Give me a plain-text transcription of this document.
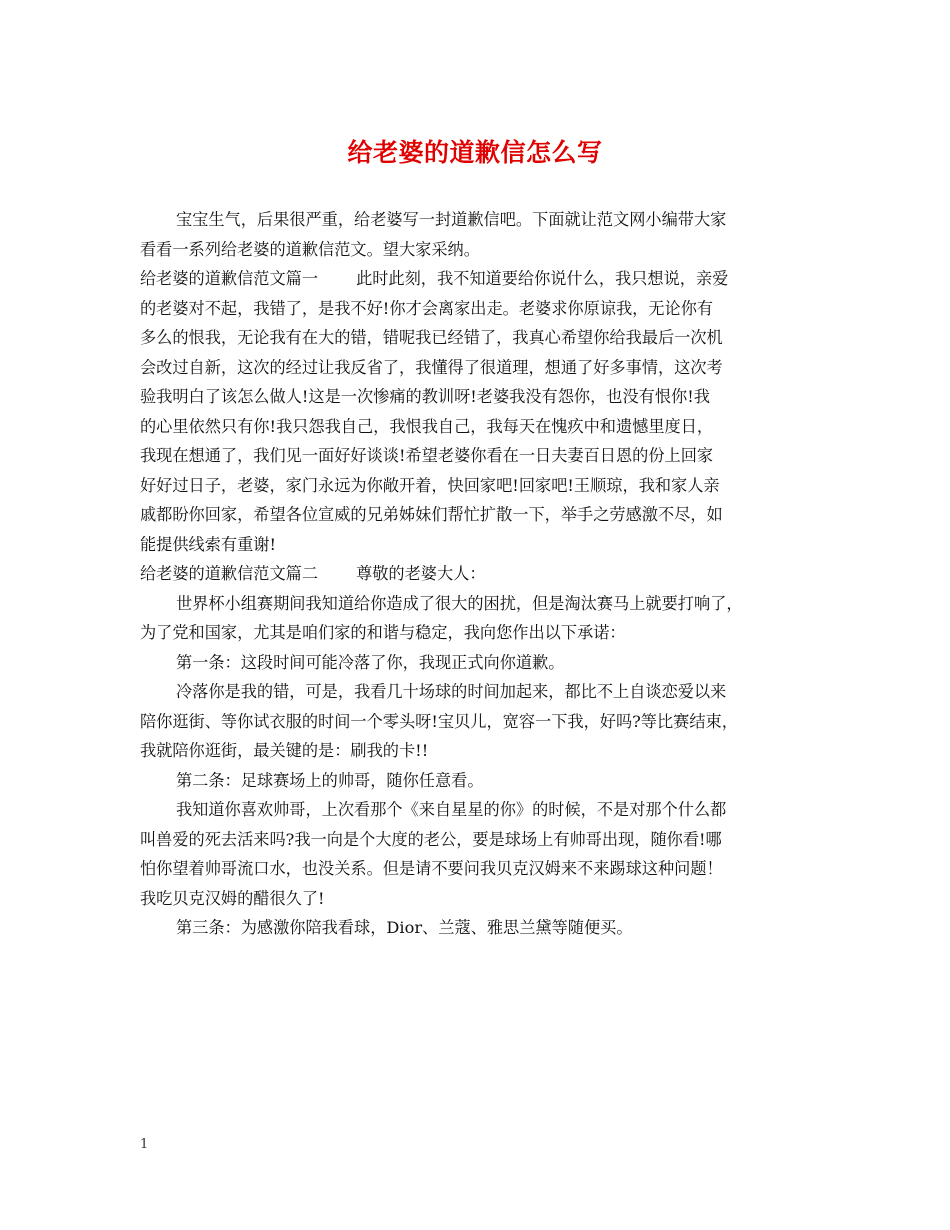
给老婆的道歉信怎么写
宝宝生气，后果很严重，给老婆写一封道歉信吧。下面就让范文网小编带大家
看看一系列给老婆的道歉信范文。望大家采纳。
给老婆的道歉信范文篇一 此时此刻，我不知道要给你说什么，我只想说，亲爱
的老婆对不起，我错了，是我不好!你才会离家出走。老婆求你原谅我，无论你有
多么的恨我，无论我有在大的错，错呢我已经错了，我真心希望你给我最后一次机
会改过自新，这次的经过让我反省了，我懂得了很道理，想通了好多事情，这次考
验我明白了该怎么做人!这是一次惨痛的教训呀!老婆我没有怨你，也没有恨你!我
的心里依然只有你!我只怨我自己，我恨我自己，我每天在愧疚中和遗憾里度日，
我现在想通了，我们见一面好好谈谈!希望老婆你看在一日夫妻百日恩的份上回家
好好过日子，老婆，家门永远为你敞开着，快回家吧!回家吧!王顺琼，我和家人亲
戚都盼你回家，希望各位宣威的兄弟姊妹们帮忙扩散一下，举手之劳感激不尽，如
能提供线索有重谢!
给老婆的道歉信范文篇二 尊敬的老婆大人：
世界杯小组赛期间我知道给你造成了很大的困扰，但是淘汰赛马上就要打响了，
为了党和国家，尤其是咱们家的和谐与稳定，我向您作出以下承诺：
第一条：这段时间可能冷落了你，我现正式向你道歉。
冷落你是我的错，可是，我看几十场球的时间加起来，都比不上自谈恋爱以来
陪你逛街、等你试衣服的时间一个零头呀!宝贝儿，宽容一下我，好吗?等比赛结束，
我就陪你逛街，最关键的是：刷我的卡!!
第二条：足球赛场上的帅哥，随你任意看。
我知道你喜欢帅哥，上次看那个《来自星星的你》的时候，不是对那个什么都
叫兽爱的死去活来吗?我一向是个大度的老公，要是球场上有帅哥出现，随你看!哪
怕你望着帅哥流口水，也没关系。但是请不要问我贝克汉姆来不来踢球这种问题！
我吃贝克汉姆的醋很久了!
第三条：为感激你陪我看球，Dior、兰蔻、雅思兰黛等随便买。
1
